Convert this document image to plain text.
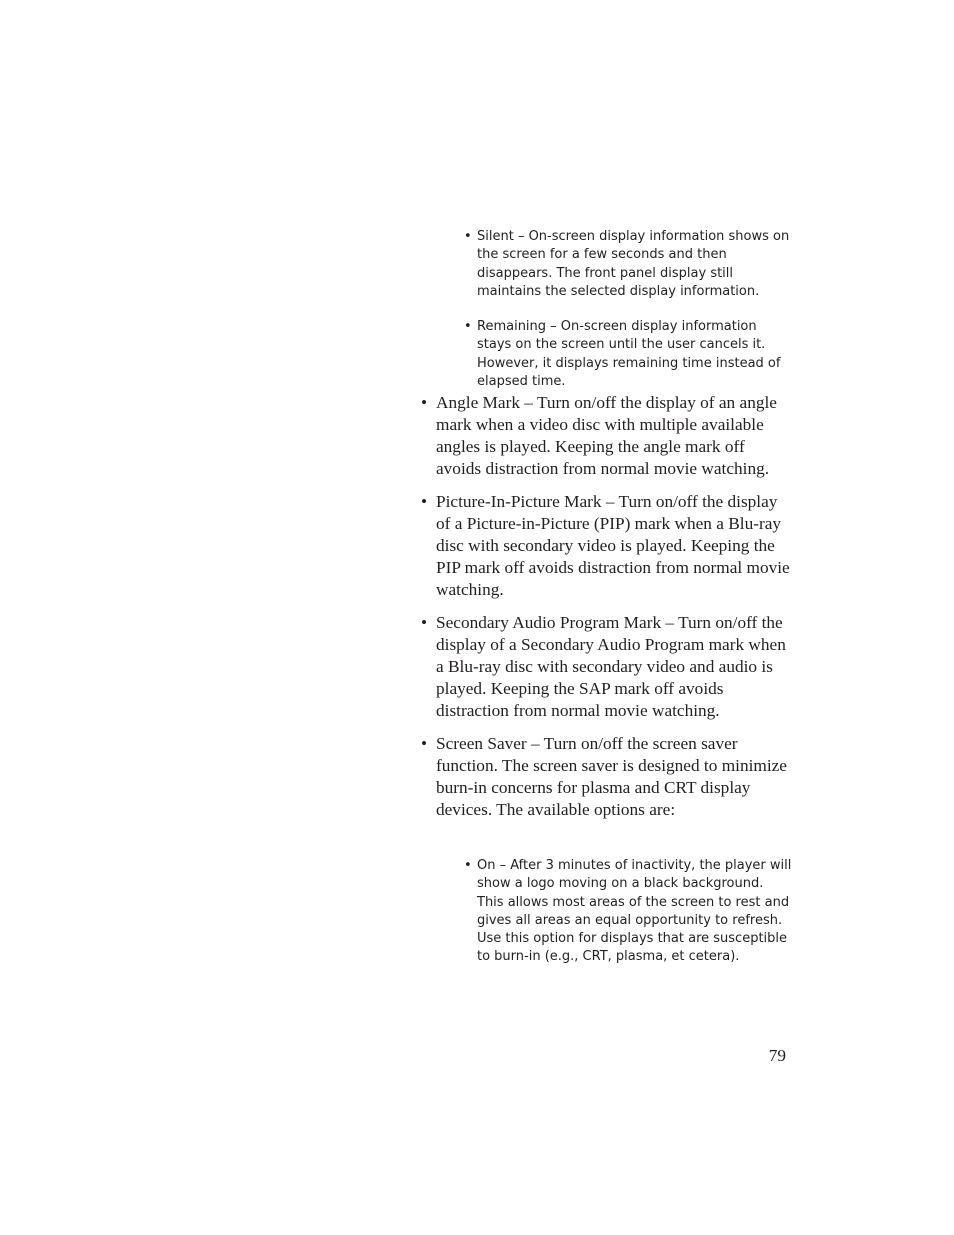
• Silent – On-screen display information shows on the screen for a few seconds and then disappears. The front panel display still maintains the selected display information.
• Remaining – On-screen display information stays on the screen until the user cancels it. However, it displays remaining time instead of elapsed time.
• Angle Mark – Turn on/off the display of an angle mark when a video disc with multiple available angles is played. Keeping the angle mark off avoids distraction from normal movie watching.
• Picture-In-Picture Mark – Turn on/off the display of a Picture-in-Picture (PIP) mark when a Blu-ray disc with secondary video is played. Keeping the PIP mark off avoids distraction from normal movie watching.
• Secondary Audio Program Mark – Turn on/off the display of a Secondary Audio Program mark when a Blu-ray disc with secondary video and audio is played. Keeping the SAP mark off avoids distraction from normal movie watching.
• Screen Saver – Turn on/off the screen saver function. The screen saver is designed to minimize burn-in concerns for plasma and CRT display devices. The available options are:
• On – After 3 minutes of inactivity, the player will show a logo moving on a black background. This allows most areas of the screen to rest and gives all areas an equal opportunity to refresh. Use this option for displays that are susceptible to burn-in (e.g., CRT, plasma, et cetera).
79
